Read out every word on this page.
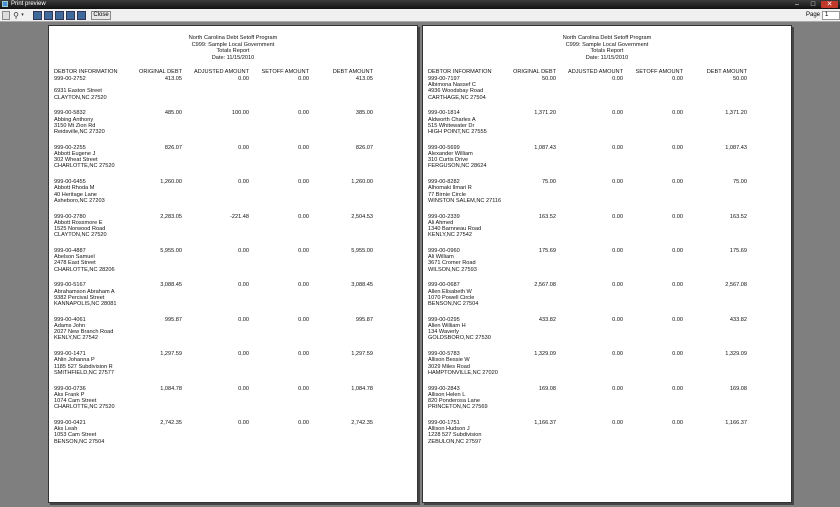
Print preview	–	□	✕
⚲ ▾	Close	Page 1
North Carolina Debt Setoff Program
C999: Sample Local Government
Totals Report
Date: 11/15/2010
DEBTOR INFORMATION	ORIGINAL DEBT ADJUSTED AMOUNT SETOFF AMOUNT	DEBT AMOUNT
999-00-2752

6931 Easton Street
CLAYTON,NC 27520
413.05	0.00	0.00	413.05
999-00-5832
Abbing Anthony
3150 Mt Zion Rd
Reidsville,NC 27320
485.00	100.00	0.00	385.00
999-00-2255
Abbott Eugene J
302 Wheat Street
CHARLOTTE,NC 27520
826.07	0.00	0.00	826.07
999-00-6455
Abbott Rhoda M
40 Heritage Lane
Asheboro,NC 27203
1,260.00	0.00	0.00	1,260.00
999-00-2780
Abbott Rossmore E
1525 Norwood Road
CLAYTON,NC 27520
2,283.05	-221.48	0.00	2,504.53
999-00-4887
Abelson Samuel
2478 East Street
CHARLOTTE,NC 28206
5,955.00	0.00	0.00	5,955.00
999-00-5167
Abrahamson Abraham A
9382 Percival Street
KANNAPOLIS,NC 28081
3,088.45	0.00	0.00	3,088.45
999-00-4061
Adams John
2027 New Branch Road
KENLY,NC 27542
995.87	0.00	0.00	995.87
999-00-1471
Ahlin Johanna P
1185 527 Subdivision R
SMITHFIELD,NC 27577
1,297.59	0.00	0.00	1,297.59
999-00-0736
Aks Frank P
1074 Cam Street
CHARLOTTE,NC 27520
1,084.78	0.00	0.00	1,084.78
999-00-0421
Aks Leah
1053 Cam Street
BENSON,NC 27504
2,742.35	0.00	0.00	2,742.35
North Carolina Debt Setoff Program
C999: Sample Local Government
Totals Report
Date: 11/15/2010
DEBTOR INFORMATION	ORIGINAL DEBT ADJUSTED AMOUNT SETOFF AMOUNT	DEBT AMOUNT
999-00-7197
Albimona Nassef C
4936 Woodsbay Road
CARTHAGE,NC 27504
50.00	0.00	0.00	50.00
999-00-1814
Aldworth Charles A
515 Whitewater Dr
HIGH POINT,NC 27555
1,371.20	0.00	0.00	1,371.20
999-00-5699
Alexander William
310 Curtis Drive
FERGUSON,NC 28624
1,087.43	0.00	0.00	1,087.43
999-00-8282
Alhomaki Ilmari R
77 Birnie Circle
WINSTON SALEM,NC 27116
75.00	0.00	0.00	75.00
999-00-2339
Ali Ahmed
1340 Barnneau Road
KENLY,NC 27542
163.52	0.00	0.00	163.52
999-00-0960
Ali William
3671 Cromer Road
WILSON,NC 27593
175.69	0.00	0.00	175.69
999-00-0687
Allen Elisabeth W
1070 Powell Circle
BENSON,NC 27504
2,567.08	0.00	0.00	2,567.08
999-00-0295
Allen William H
134 Waverly
GOLDSBORO,NC 27530
433.82	0.00	0.00	433.82
999-00-5783
Allison Bessie W
3029 Miles Road
HAMPTONVILLE,NC 27020
1,329.09	0.00	0.00	1,329.09
999-00-2843
Allison Helen L
820 Ponderosa Lane
PRINCETON,NC 27569
169.08	0.00	0.00	169.08
999-00-1751
Allison Hudson J
1228 527 Subdivision
ZEBULON,NC 27597
1,166.37	0.00	0.00	1,166.37
